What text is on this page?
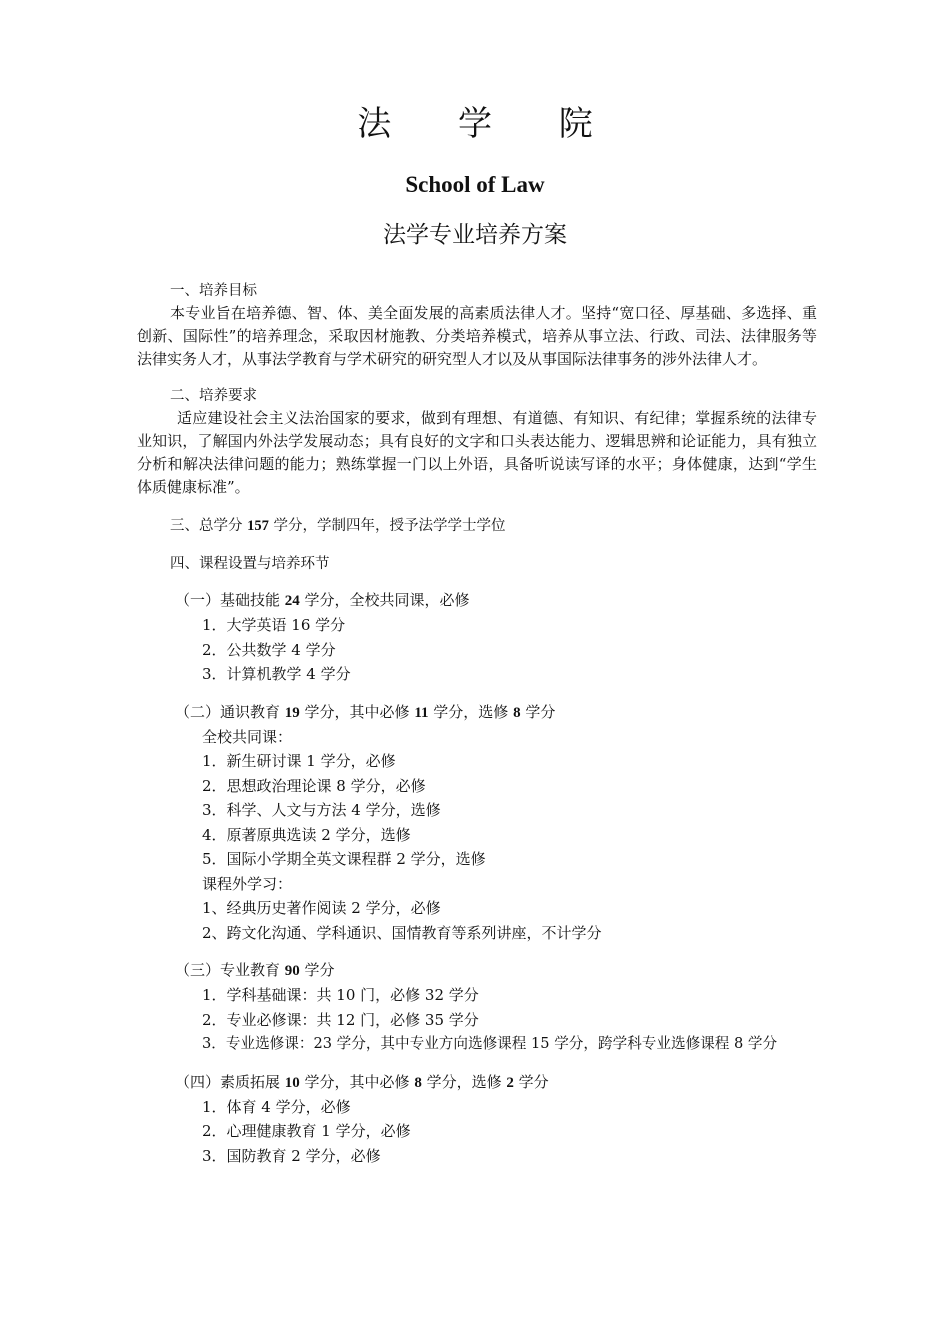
法 学 院
School of Law
法学专业培养方案

一、培养目标

本专业旨在培养德、智、体、美全面发展的高素质法律人才。坚持“宽口径、厚基础、多选择、重创新、国际性”的培养理念，采取因材施教、分类培养模式，培养从事立法、行政、司法、法律服务等法律实务人才，从事法学教育与学术研究的研究型人才以及从事国际法律事务的涉外法律人才。

二、培养要求

适应建设社会主义法治国家的要求，做到有理想、有道德、有知识、有纪律；掌握系统的法律专业知识，了解国内外法学发展动态；具有良好的文字和口头表达能力、逻辑思辨和论证能力，具有独立分析和解决法律问题的能力；熟练掌握一门以上外语，具备听说读写译的水平；身体健康，达到“学生体质健康标准”。

三、总学分 157 学分，学制四年，授予法学学士学位

四、课程设置与培养环节

（一）基础技能 24 学分，全校共同课，必修

1．大学英语 16 学分

2．公共数学 4 学分

3．计算机教学 4 学分

（二）通识教育 19 学分，其中必修 11 学分，选修 8 学分

全校共同课：

1．新生研讨课 1 学分，必修

2．思想政治理论课 8 学分，必修

3．科学、人文与方法 4 学分，选修

4．原著原典选读 2 学分，选修

5．国际小学期全英文课程群 2 学分，选修

课程外学习：

1、经典历史著作阅读 2 学分，必修

2、跨文化沟通、学科通识、国情教育等系列讲座，不计学分

（三）专业教育 90 学分

1．学科基础课：共 10 门，必修 32 学分

2．专业必修课：共 12 门，必修 35 学分

3．专业选修课：23 学分，其中专业方向选修课程 15 学分，跨学科专业选修课程 8 学分

（四）素质拓展 10 学分，其中必修 8 学分，选修 2 学分

1．体育 4 学分，必修

2．心理健康教育 1 学分，必修

3．国防教育 2 学分，必修
